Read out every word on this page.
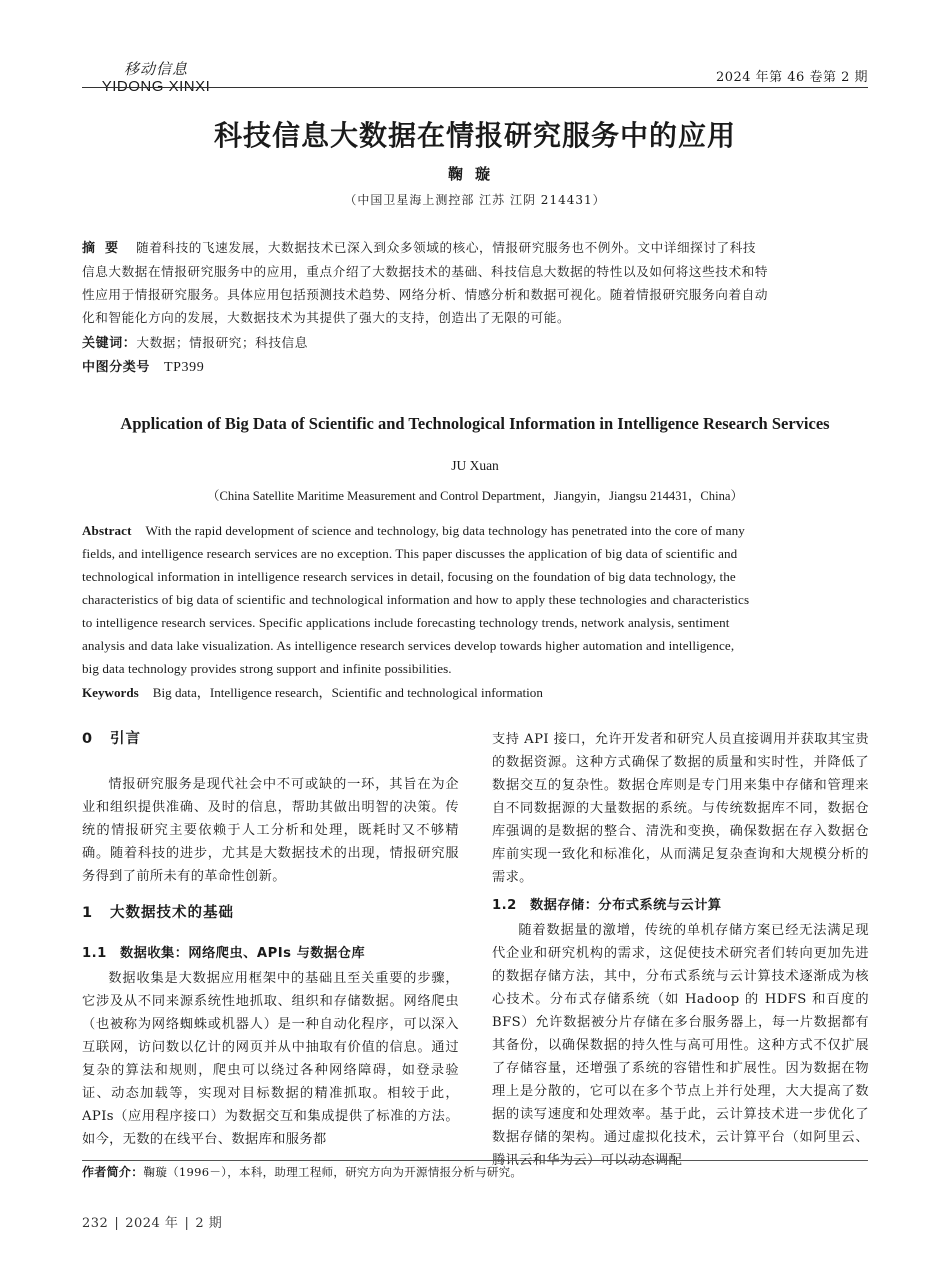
移动信息
YIDONG XINXI
2024 年第 46 卷第 2 期
科技信息大数据在情报研究服务中的应用
鞠璇
（中国卫星海上测控部 江苏 江阴 214431）
摘要 随着科技的飞速发展，大数据技术已深入到众多领域的核心，情报研究服务也不例外。文中详细探讨了科技
信息大数据在情报研究服务中的应用，重点介绍了大数据技术的基础、科技信息大数据的特性以及如何将这些技术和特
性应用于情报研究服务。具体应用包括预测技术趋势、网络分析、情感分析和数据可视化。随着情报研究服务向着自动
化和智能化方向的发展，大数据技术为其提供了强大的支持，创造出了无限的可能。
关键词：大数据；情报研究；科技信息
中图分类号 TP399
Application of Big Data of Scientific and Technological Information in Intelligence Research Services
JU Xuan
（China Satellite Maritime Measurement and Control Department，Jiangyin，Jiangsu 214431，China）
Abstract With the rapid development of science and technology, big data technology has penetrated into the core of many
fields, and intelligence research services are no exception. This paper discusses the application of big data of scientific and
technological information in intelligence research services in detail, focusing on the foundation of big data technology, the
characteristics of big data of scientific and technological information and how to apply these technologies and characteristics
to intelligence research services. Specific applications include forecasting technology trends, network analysis, sentiment
analysis and data lake visualization. As intelligence research services develop towards higher automation and intelligence,
big data technology provides strong support and infinite possibilities.
Keywords Big data，Intelligence research，Scientific and technological information
0 引言

情报研究服务是现代社会中不可或缺的一环，其旨在为企业和组织提供准确、及时的信息，帮助其做出明智的决策。传统的情报研究主要依赖于人工分析和处理，既耗时又不够精确。随着科技的进步，尤其是大数据技术的出现，情报研究服务得到了前所未有的革命性创新。

1 大数据技术的基础
1.1 数据收集：网络爬虫、APIs 与数据仓库

数据收集是大数据应用框架中的基础且至关重要的步骤，它涉及从不同来源系统性地抓取、组织和存储数据。网络爬虫（也被称为网络蜘蛛或机器人）是一种自动化程序，可以深入互联网，访问数以亿计的网页并从中抽取有价值的信息。通过复杂的算法和规则，爬虫可以绕过各种网络障碍，如登录验证、动态加载等，实现对目标数据的精准抓取。相较于此，APIs（应用程序接口）为数据交互和集成提供了标准的方法。如今，无数的在线平台、数据库和服务都

支持 API 接口，允许开发者和研究人员直接调用并获取其宝贵的数据资源。这种方式确保了数据的质量和实时性，并降低了数据交互的复杂性。数据仓库则是专门用来集中存储和管理来自不同数据源的大量数据的系统。与传统数据库不同，数据仓库强调的是数据的整合、清洗和变换，确保数据在存入数据仓库前实现一致化和标准化，从而满足复杂查询和大规模分析的需求。

1.2 数据存储：分布式系统与云计算

随着数据量的激增，传统的单机存储方案已经无法满足现代企业和研究机构的需求，这促使技术研究者们转向更加先进的数据存储方法，其中，分布式系统与云计算技术逐渐成为核心技术。分布式存储系统（如 Hadoop 的 HDFS 和百度的 BFS）允许数据被分片存储在多台服务器上，每一片数据都有其备份，以确保数据的持久性与高可用性。这种方式不仅扩展了存储容量，还增强了系统的容错性和扩展性。因为数据在物理上是分散的，它可以在多个节点上并行处理，大大提高了数据的读写速度和处理效率。基于此，云计算技术进一步优化了数据存储的架构。通过虚拟化技术，云计算平台（如阿里云、腾讯云和华为云）可以动态调配

作者简介：鞠璇（1996－），本科，助理工程师，研究方向为开源情报分析与研究。
232 | 2024 年 | 2 期
